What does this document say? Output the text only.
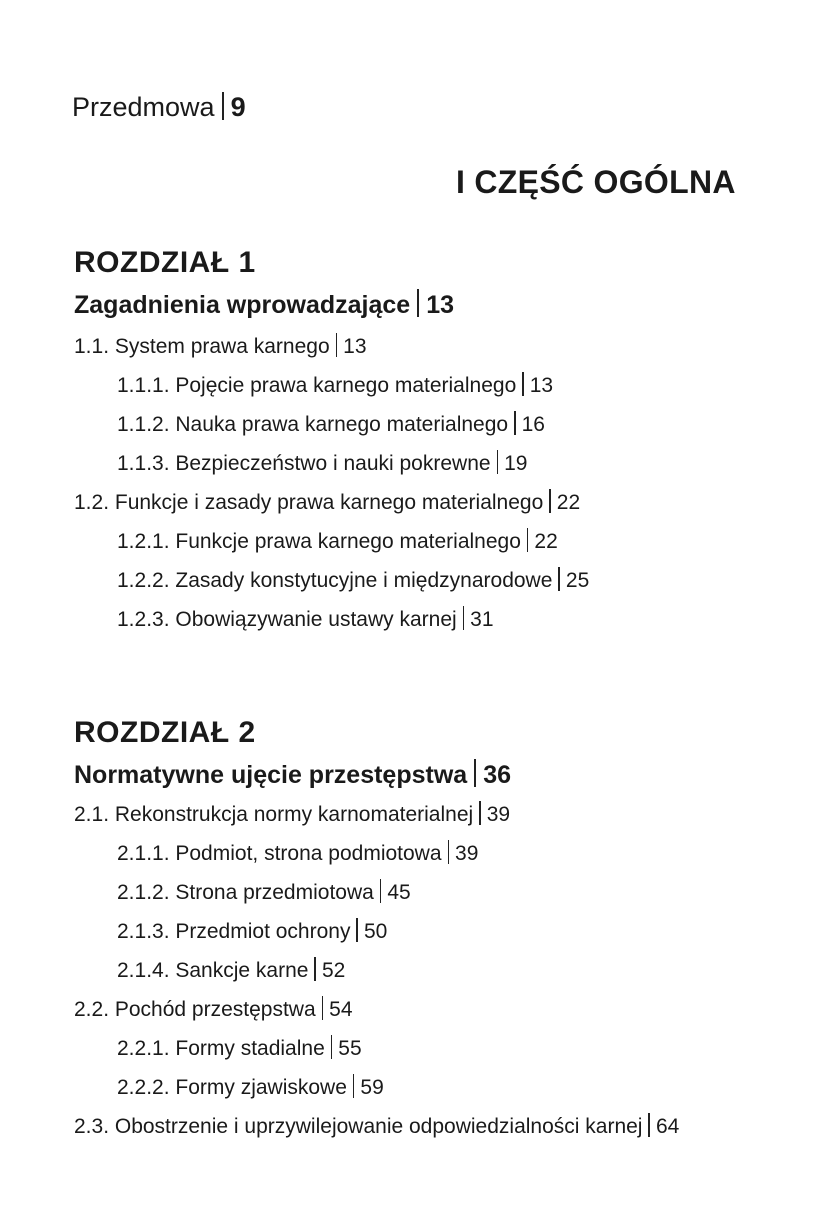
Przedmowa 9
I CZĘŚĆ OGÓLNA
ROZDZIAŁ 1
Zagadnienia wprowadzające 13
1.1. System prawa karnego 13
1.1.1. Pojęcie prawa karnego materialnego 13
1.1.2. Nauka prawa karnego materialnego 16
1.1.3. Bezpieczeństwo i nauki pokrewne 19
1.2. Funkcje i zasady prawa karnego materialnego 22
1.2.1. Funkcje prawa karnego materialnego 22
1.2.2. Zasady konstytucyjne i międzynarodowe 25
1.2.3. Obowiązywanie ustawy karnej 31
ROZDZIAŁ 2
Normatywne ujęcie przestępstwa 36
2.1. Rekonstrukcja normy karnomaterialnej 39
2.1.1. Podmiot, strona podmiotowa 39
2.1.2. Strona przedmiotowa 45
2.1.3. Przedmiot ochrony 50
2.1.4. Sankcje karne 52
2.2. Pochód przestępstwa 54
2.2.1. Formy stadialne 55
2.2.2. Formy zjawiskowe 59
2.3. Obostrzenie i uprzywilejowanie odpowiedzialności karnej 64
